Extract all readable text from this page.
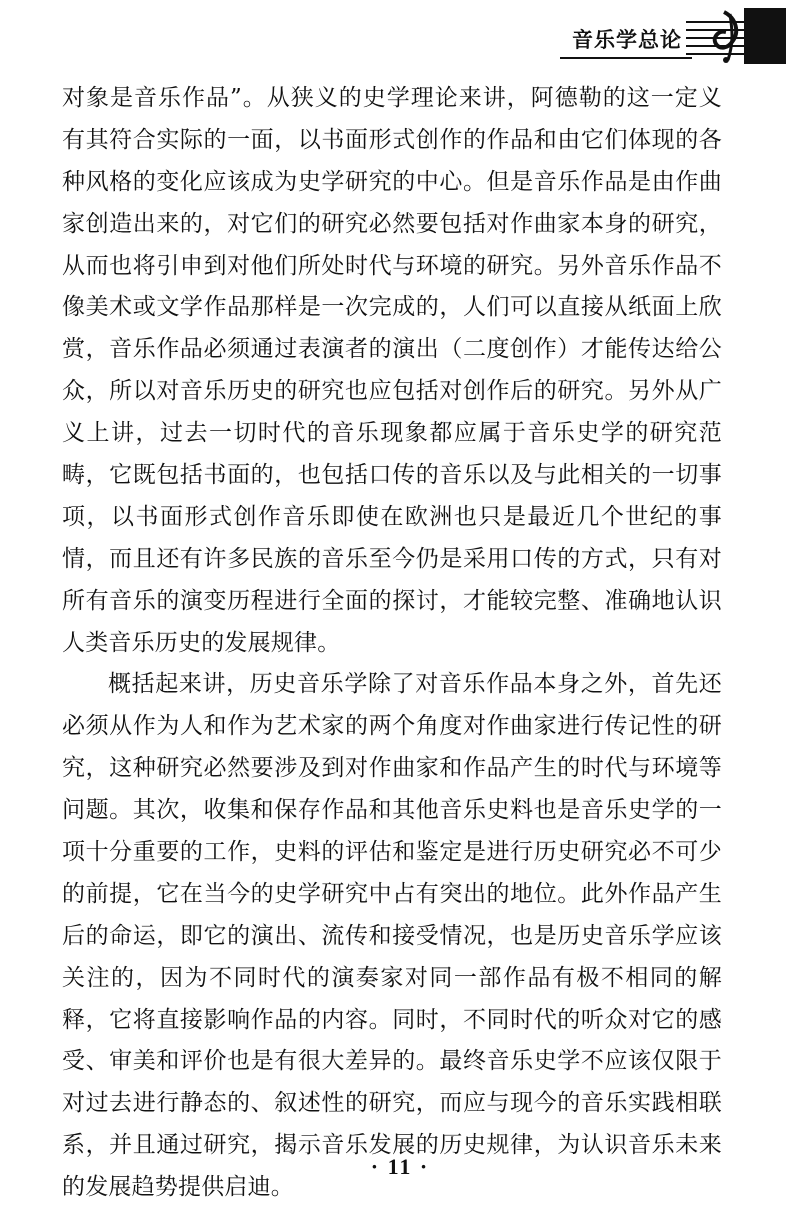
音乐学总论
对象是音乐作品”。从狭义的史学理论来讲，阿德勒的这一定义
有其符合实际的一面，以书面形式创作的作品和由它们体现的各
种风格的变化应该成为史学研究的中心。但是音乐作品是由作曲
家创造出来的，对它们的研究必然要包括对作曲家本身的研究，
从而也将引申到对他们所处时代与环境的研究。另外音乐作品不
像美术或文学作品那样是一次完成的，人们可以直接从纸面上欣
赏，音乐作品必须通过表演者的演出（二度创作）才能传达给公
众，所以对音乐历史的研究也应包括对创作后的研究。另外从广
义上讲，过去一切时代的音乐现象都应属于音乐史学的研究范
畴，它既包括书面的，也包括口传的音乐以及与此相关的一切事
项，以书面形式创作音乐即使在欧洲也只是最近几个世纪的事
情，而且还有许多民族的音乐至今仍是采用口传的方式，只有对
所有音乐的演变历程进行全面的探讨，才能较完整、准确地认识
人类音乐历史的发展规律。
概括起来讲，历史音乐学除了对音乐作品本身之外，首先还
必须从作为人和作为艺术家的两个角度对作曲家进行传记性的研
究，这种研究必然要涉及到对作曲家和作品产生的时代与环境等
问题。其次，收集和保存作品和其他音乐史料也是音乐史学的一
项十分重要的工作，史料的评估和鉴定是进行历史研究必不可少
的前提，它在当今的史学研究中占有突出的地位。此外作品产生
后的命运，即它的演出、流传和接受情况，也是历史音乐学应该
关注的，因为不同时代的演奏家对同一部作品有极不相同的解
释，它将直接影响作品的内容。同时，不同时代的听众对它的感
受、审美和评价也是有很大差异的。最终音乐史学不应该仅限于
对过去进行静态的、叙述性的研究，而应与现今的音乐实践相联
系，并且通过研究，揭示音乐发展的历史规律，为认识音乐未来
的发展趋势提供启迪。
· 11 ·
